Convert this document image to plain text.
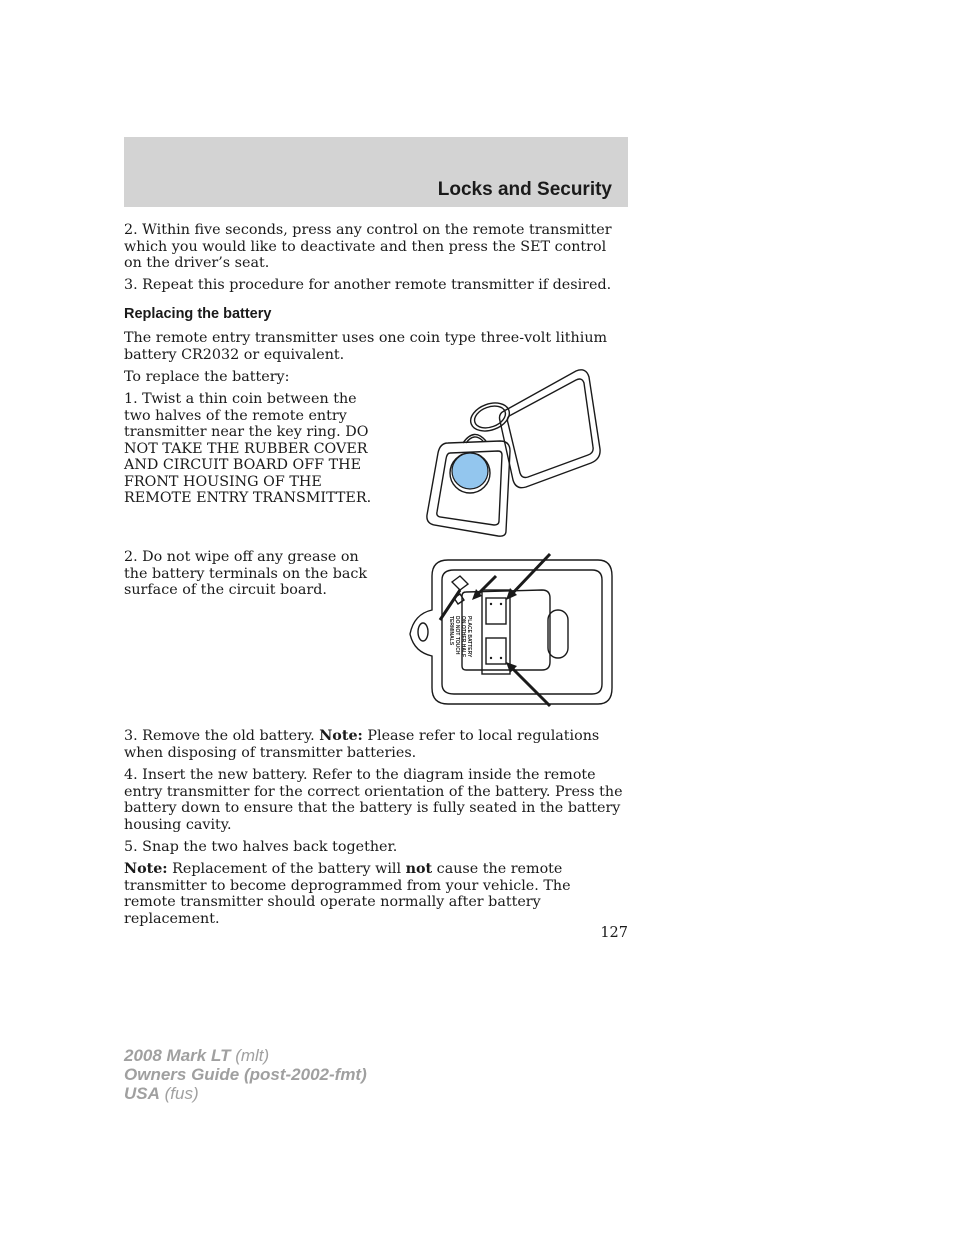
Locks and Security

2. Within five seconds, press any control on the remote transmitter which you would like to deactivate and then press the SET control on the driver’s seat.

3. Repeat this procedure for another remote transmitter if desired.

Replacing the battery

The remote entry transmitter uses one coin type three-volt lithium battery CR2032 or equivalent.

To replace the battery:

1. Twist a thin coin between the two halves of the remote entry transmitter near the key ring. DO NOT TAKE THE RUBBER COVER AND CIRCUIT BOARD OFF THE FRONT HOUSING OF THE REMOTE ENTRY TRANSMITTER.

2. Do not wipe off any grease on the battery terminals on the back surface of the circuit board.

3. Remove the old battery. Note: Please refer to local regulations when disposing of transmitter batteries.

4. Insert the new battery. Refer to the diagram inside the remote entry transmitter for the correct orientation of the battery. Press the battery down to ensure that the battery is fully seated in the battery housing cavity.

5. Snap the two halves back together.

Note: Replacement of the battery will not cause the remote transmitter to become deprogrammed from your vehicle. The remote transmitter should operate normally after battery replacement.

PLACE BATTERY ON OTHER HALF DO NOT TOUCH TERMINALS
127
2008 Mark LT (mlt)
Owners Guide (post-2002-fmt)
USA (fus)
